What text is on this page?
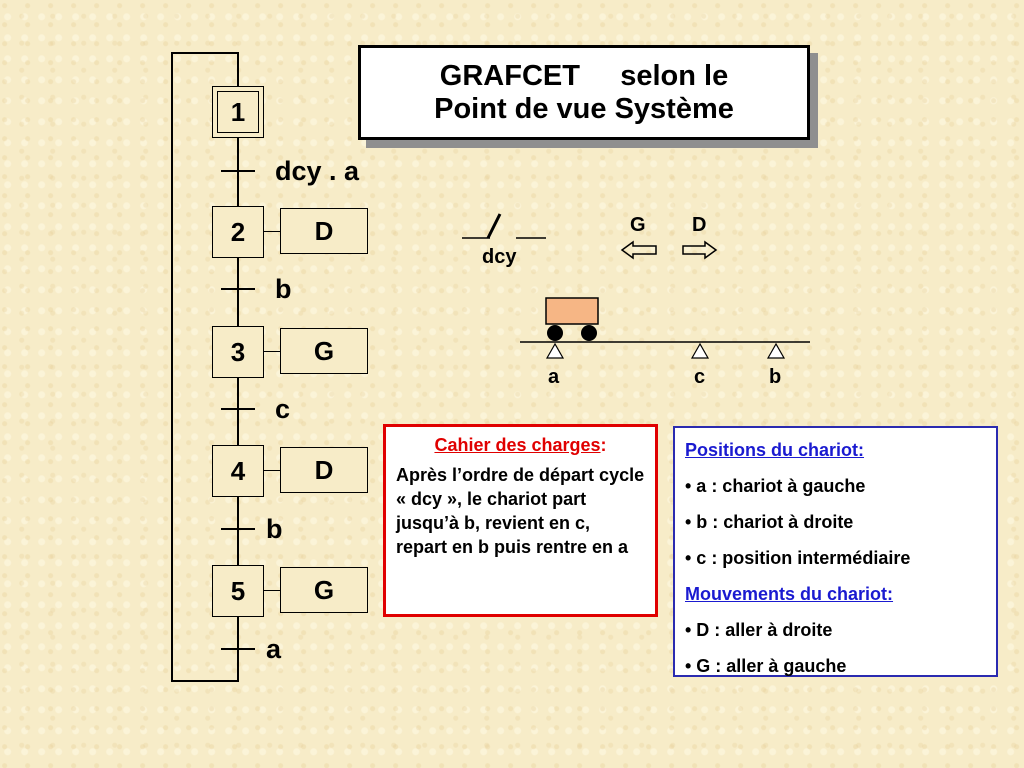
1
2	D
3	G
4	D
5	G
dcy . a
b
c
b
a
GRAFCET     selon le
Point de vue Système
dcy
G D
a	c	b
Cahier des charges:
Après l’ordre de départ cycle « dcy », le chariot part jusqu’à b, revient en c, repart en b puis rentre en a
Positions du chariot:
• a : chariot à gauche
• b : chariot à droite
• c : position intermédiaire
Mouvements du chariot:
• D : aller à droite
• G : aller à gauche
